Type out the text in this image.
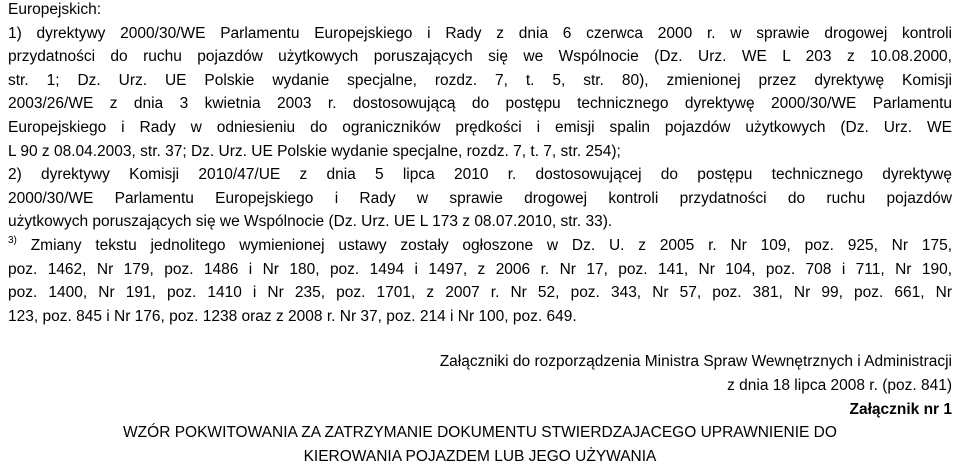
Europejskich:
1) dyrektywy 2000/30/WE Parlamentu Europejskiego i Rady z dnia 6 czerwca 2000 r. w sprawie drogowej kontroli
przydatności do ruchu pojazdów użytkowych poruszających się we Wspólnocie (Dz. Urz. WE L 203 z 10.08.2000,
str. 1; Dz. Urz. UE Polskie wydanie specjalne, rozdz. 7, t. 5, str. 80), zmienionej przez dyrektywę Komisji
2003/26/WE z dnia 3 kwietnia 2003 r. dostosowującą do postępu technicznego dyrektywę 2000/30/WE Parlamentu
Europejskiego i Rady w odniesieniu do ograniczników prędkości i emisji spalin pojazdów użytkowych (Dz. Urz. WE
L 90 z 08.04.2003, str. 37; Dz. Urz. UE Polskie wydanie specjalne, rozdz. 7, t. 7, str. 254);
2) dyrektywy Komisji 2010/47/UE z dnia 5 lipca 2010 r. dostosowującej do postępu technicznego dyrektywę
2000/30/WE Parlamentu Europejskiego i Rady w sprawie drogowej kontroli przydatności do ruchu pojazdów
użytkowych poruszających się we Wspólnocie (Dz. Urz. UE L 173 z 08.07.2010, str. 33).
$^{3)}$ Zmiany tekstu jednolitego wymienionej ustawy zostały ogłoszone w Dz. U. z 2005 r. Nr 109, poz. 925, Nr 175,
poz. 1462, Nr 179, poz. 1486 i Nr 180, poz. 1494 i 1497, z 2006 r. Nr 17, poz. 141, Nr 104, poz. 708 i 711, Nr 190,
poz. 1400, Nr 191, poz. 1410 i Nr 235, poz. 1701, z 2007 r. Nr 52, poz. 343, Nr 57, poz. 381, Nr 99, poz. 661, Nr
123, poz. 845 i Nr 176, poz. 1238 oraz z 2008 r. Nr 37, poz. 214 i Nr 100, poz. 649.
Załączniki do rozporządzenia Ministra Spraw Wewnętrznych i Administracji
z dnia 18 lipca 2008 r. (poz. 841)
Załącznik nr 1
WZÓR POKWITOWANIA ZA ZATRZYMANIE DOKUMENTU STWIERDZAJACEGO UPRAWNIENIE DO
KIEROWANIA POJAZDEM LUB JEGO UŻYWANIA
